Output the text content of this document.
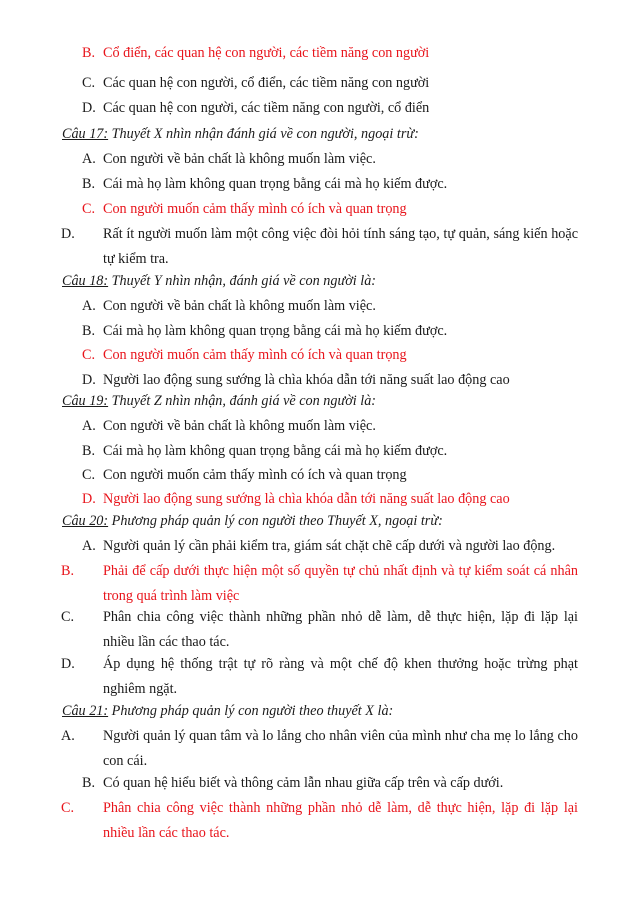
B. Cổ điển, các quan hệ con người, các tiềm năng con người
C. Các quan hệ con người, cổ điển, các tiềm năng con người
D. Các quan hệ con người, các tiềm năng con người, cổ điển
Câu 17: Thuyết X nhìn nhận đánh giá về con người, ngoại trừ:
A. Con người về bản chất là không muốn làm việc.
B. Cái mà họ làm không quan trọng bằng cái mà họ kiếm được.
C. Con người muốn cảm thấy mình có ích và quan trọng
D. Rất ít người muốn làm một công việc đòi hỏi tính sáng tạo, tự quản, sáng kiến hoặc tự kiểm tra.
Câu 18: Thuyết Y nhìn nhận, đánh giá về con người là:
A. Con người về bản chất là không muốn làm việc.
B. Cái mà họ làm không quan trọng bằng cái mà họ kiếm được.
C. Con người muốn cảm thấy mình có ích và quan trọng
D. Người lao động sung sướng là chìa khóa dẫn tới năng suất lao động cao
Câu 19: Thuyết Z nhìn nhận, đánh giá về con người là:
A. Con người về bản chất là không muốn làm việc.
B. Cái mà họ làm không quan trọng bằng cái mà họ kiếm được.
C. Con người muốn cảm thấy mình có ích và quan trọng
D. Người lao động sung sướng là chìa khóa dẫn tới năng suất lao động cao
Câu 20: Phương pháp quản lý con người theo Thuyết X, ngoại trừ:
A. Người quản lý cần phải kiểm tra, giám sát chặt chẽ cấp dưới và người lao động.
B. Phải để cấp dưới thực hiện một số quyền tự chủ nhất định và tự kiểm soát cá nhân trong quá trình làm việc
C. Phân chia công việc thành những phần nhỏ dễ làm, dễ thực hiện, lặp đi lặp lại nhiều lần các thao tác.
D. Áp dụng hệ thống trật tự rõ ràng và một chế độ khen thưởng hoặc trừng phạt nghiêm ngặt.
Câu 21: Phương pháp quản lý con người theo thuyết X là:
A. Người quản lý quan tâm và lo lắng cho nhân viên của mình như cha mẹ lo lắng cho con cái.
B. Có quan hệ hiểu biết và thông cảm lẫn nhau giữa cấp trên và cấp dưới.
C. Phân chia công việc thành những phần nhỏ dễ làm, dễ thực hiện, lặp đi lặp lại nhiều lần các thao tác.
